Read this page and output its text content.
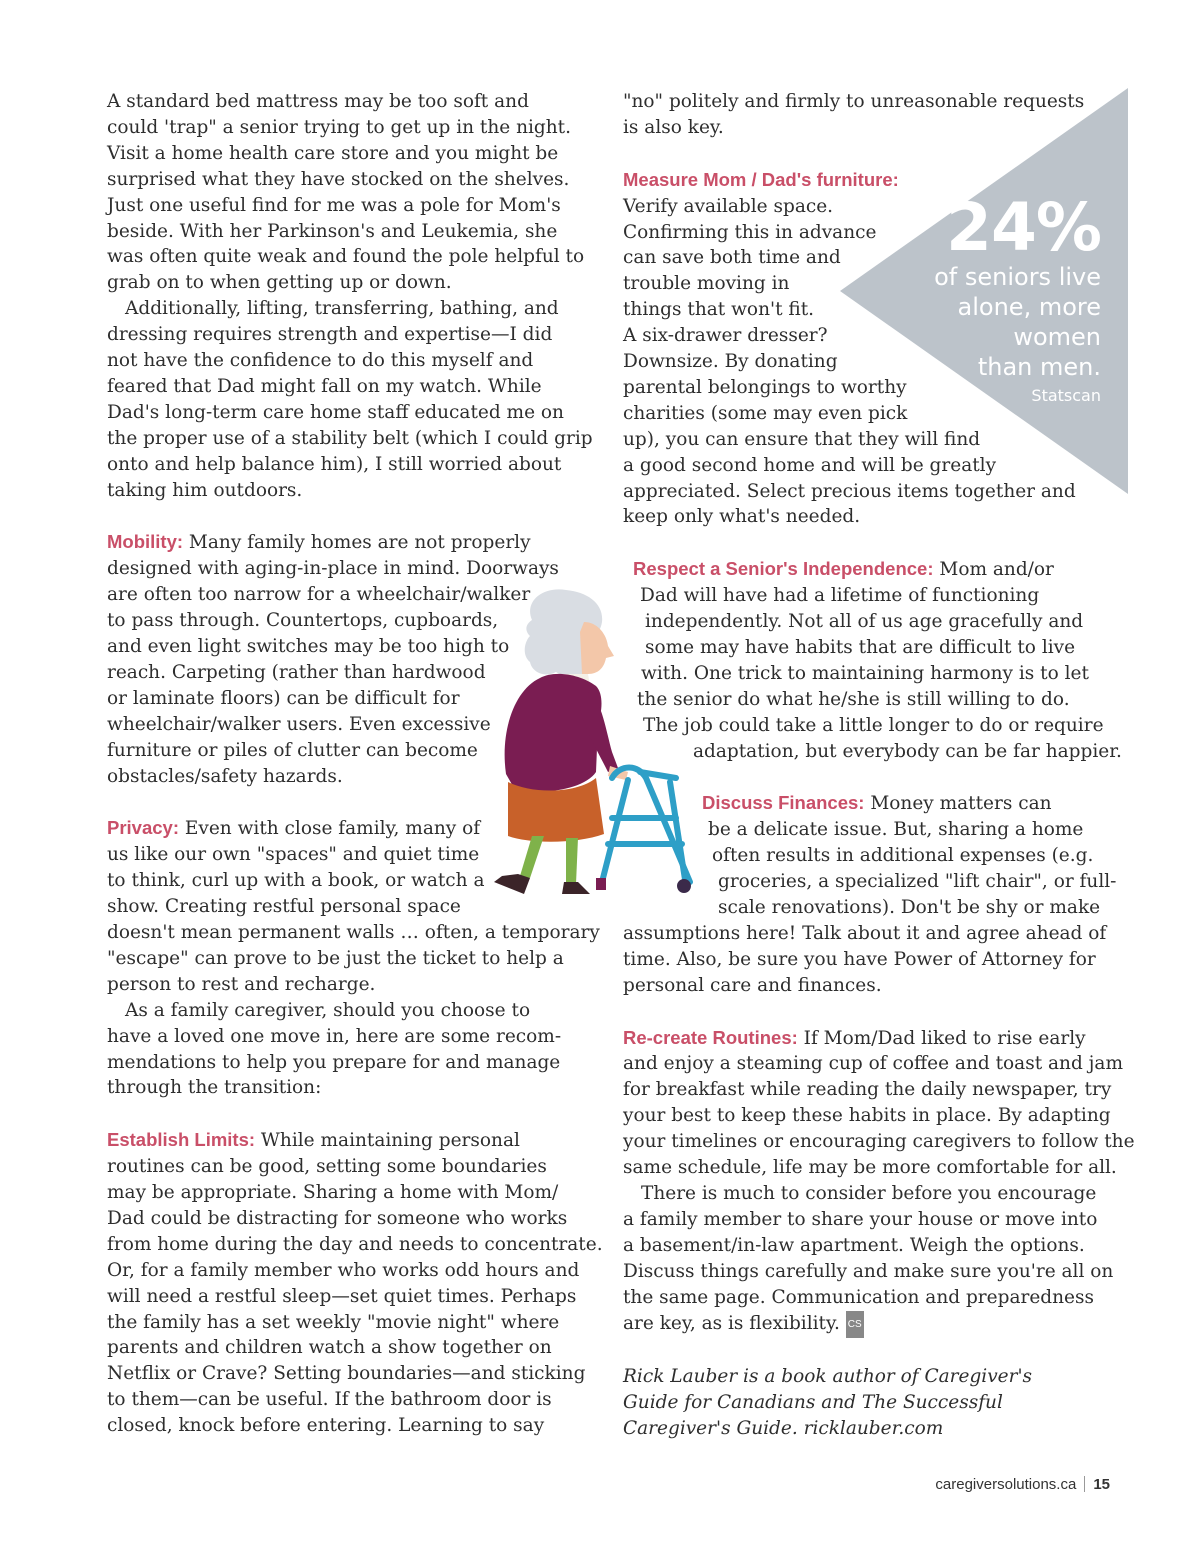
A standard bed mattress may be too soft and
could 'trap" a senior trying to get up in the night.
Visit a home health care store and you might be
surprised what they have stocked on the shelves.
Just one useful find for me was a pole for Mom's
beside. With her Parkinson's and Leukemia, she
was often quite weak and found the pole helpful to
grab on to when getting up or down.
Additionally, lifting, transferring, bathing, and
dressing requires strength and expertise—I did
not have the confidence to do this myself and
feared that Dad might fall on my watch. While
Dad's long-term care home staff educated me on
the proper use of a stability belt (which I could grip
onto and help balance him), I still worried about
taking him outdoors.
Mobility: Many family homes are not properly
designed with aging-in-place in mind. Doorways
are often too narrow for a wheelchair/walker
to pass through. Countertops, cupboards,
and even light switches may be too high to
reach. Carpeting (rather than hardwood
or laminate floors) can be difficult for
wheelchair/walker users. Even excessive
furniture or piles of clutter can become
obstacles/safety hazards.
Privacy: Even with close family, many of
us like our own "spaces" and quiet time
to think, curl up with a book, or watch a
show. Creating restful personal space
doesn't mean permanent walls … often, a temporary
"escape" can prove to be just the ticket to help a
person to rest and recharge.
As a family caregiver, should you choose to
have a loved one move in, here are some recom-
mendations to help you prepare for and manage
through the transition:
Establish Limits: While maintaining personal
routines can be good, setting some boundaries
may be appropriate. Sharing a home with Mom/
Dad could be distracting for someone who works
from home during the day and needs to concentrate.
Or, for a family member who works odd hours and
will need a restful sleep—set quiet times. Perhaps
the family has a set weekly "movie night" where
parents and children watch a show together on
Netflix or Crave? Setting boundaries—and sticking
to them—can be useful. If the bathroom door is
closed, knock before entering. Learning to say
24%
of seniors live
alone, more
women
than men.
Statscan
"no" politely and firmly to unreasonable requests
is also key.
Measure Mom / Dad's furniture:
Verify available space.
Confirming this in advance
can save both time and
trouble moving in
things that won't fit.
A six-drawer dresser?
Downsize. By donating
parental belongings to worthy
charities (some may even pick
up), you can ensure that they will find
a good second home and will be greatly
appreciated. Select precious items together and
keep only what's needed.
Respect a Senior's Independence: Mom and/or
Dad will have had a lifetime of functioning
independently. Not all of us age gracefully and
some may have habits that are difficult to live
with. One trick to maintaining harmony is to let
the senior do what he/she is still willing to do.
The job could take a little longer to do or require
adaptation, but everybody can be far happier.
Discuss Finances: Money matters can
be a delicate issue. But, sharing a home
often results in additional expenses (e.g.
groceries, a specialized "lift chair", or full-
scale renovations). Don't be shy or make
assumptions here! Talk about it and agree ahead of
time. Also, be sure you have Power of Attorney for
personal care and finances.
Re-create Routines: If Mom/Dad liked to rise early
and enjoy a steaming cup of coffee and toast and jam
for breakfast while reading the daily newspaper, try
your best to keep these habits in place. By adapting
your timelines or encouraging caregivers to follow the
same schedule, life may be more comfortable for all.
There is much to consider before you encourage
a family member to share your house or move into
a basement/in-law apartment. Weigh the options.
Discuss things carefully and make sure you're all on
the same page. Communication and preparedness
are key, as is flexibility. CS
Rick Lauber is a book author of Caregiver's
Guide for Canadians and The Successful
Caregiver's Guide. ricklauber.com
caregiversolutions.ca 15
